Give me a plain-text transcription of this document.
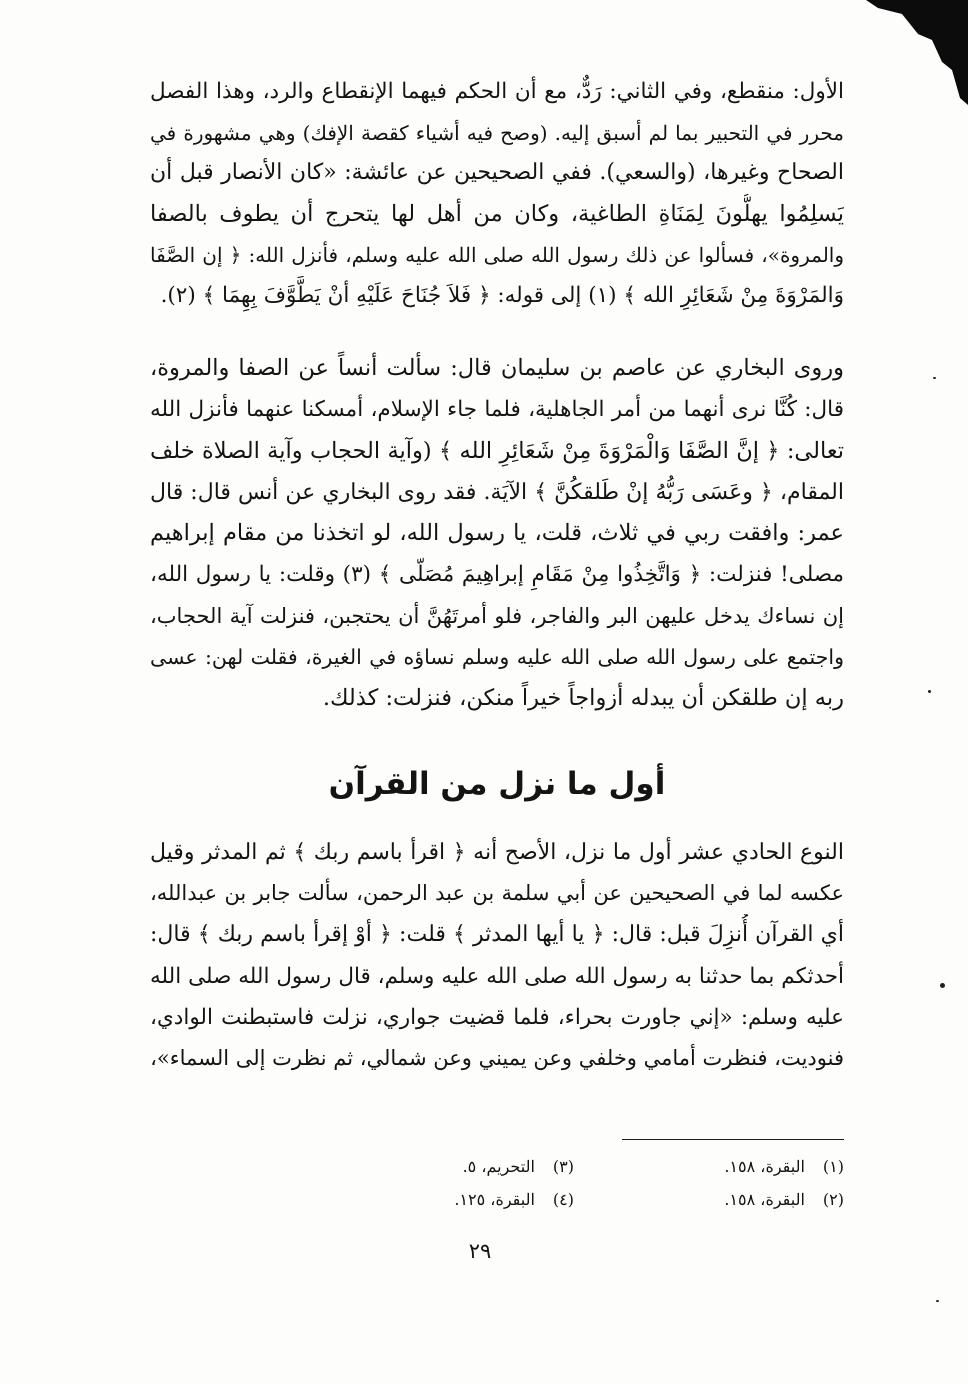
الأول: منقطع، وفي الثاني: رَدٌّ، مع أن الحكم فيهما الإنقطاع والرد، وهذا الفصل
محرر في التحبير بما لم أسبق إليه. (وصح فيه أشياء كقصة الإفك) وهي مشهورة في
الصحاح وغيرها، (والسعي). ففي الصحيحين عن عائشة: «كان الأنصار قبل أن
يَسلِمُوا يهلُّونَ لِمَنَاةِ الطاغية، وكان من أهل لها يتحرج أن يطوف بالصفا
والمروة»، فسألوا عن ذلك رسول الله صلى الله عليه وسلم، فأنزل الله: ﴿ إن الصَّفَا
وَالمَرْوَةَ مِنْ شَعَائِرِ الله ﴾ (١) إلى قوله: ﴿ فَلاَ جُنَاحَ عَلَيْهِ أنْ يَطَّوَّفَ بِهِمَا ﴾ (٢).
وروى البخاري عن عاصم بن سليمان قال: سألت أنساً عن الصفا والمروة،
قال: كُنَّا نرى أنهما من أمر الجاهلية، فلما جاء الإسلام، أمسكنا عنهما فأنزل الله
تعالى: ﴿ إنَّ الصَّفَا وَالْمَرْوَةَ مِنْ شَعَائِرِ الله ﴾ (وآية الحجاب وآية الصلاة خلف
المقام، ﴿ وعَسَى رَبُّهُ إنْ طَلقكُنَّ ﴾ الآيَة. فقد روى البخاري عن أنس قال: قال
عمر: وافقت ربي في ثلاث، قلت، يا رسول الله، لو اتخذنا من مقام إبراهيم
مصلى! فنزلت: ﴿ وَاتَّخِذُوا مِنْ مَقَامِ إبراهِيمَ مُصَلّى ﴾ (٣) وقلت: يا رسول الله،
إن نساءك يدخل عليهن البر والفاجر، فلو أمرتَهُنَّ أن يحتجبن، فنزلت آية الحجاب،
واجتمع على رسول الله صلى الله عليه وسلم نساؤه في الغيرة، فقلت لهن: عسى
ربه إن طلقكن أن يبدله أزواجاً خيراً منكن، فنزلت: كذلك.
أول ما نزل من القرآن
النوع الحادي عشر أول ما نزل، الأصح أنه ﴿ اقرأ باسم ربك ﴾ ثم المدثر وقيل
عكسه لما في الصحيحين عن أبي سلمة بن عبد الرحمن، سألت جابر بن عبدالله،
أي القرآن أُنزِلَ قبل: قال: ﴿ يا أيها المدثر ﴾ قلت: ﴿ أوْ إقرأ باسم ربك ﴾ قال:
أحدثكم بما حدثنا به رسول الله صلى الله عليه وسلم، قال رسول الله صلى الله
عليه وسلم: «إني جاورت بحراء، فلما قضيت جواري، نزلت فاستبطنت الوادي،
فنوديت، فنظرت أمامي وخلفي وعن يميني وعن شمالي، ثم نظرت إلى السماء»،
(١)البقرة، ١٥٨.
(٢)البقرة، ١٥٨.
(٣)التحريم، ٥.
(٤)البقرة، ١٢٥.
٢٩
